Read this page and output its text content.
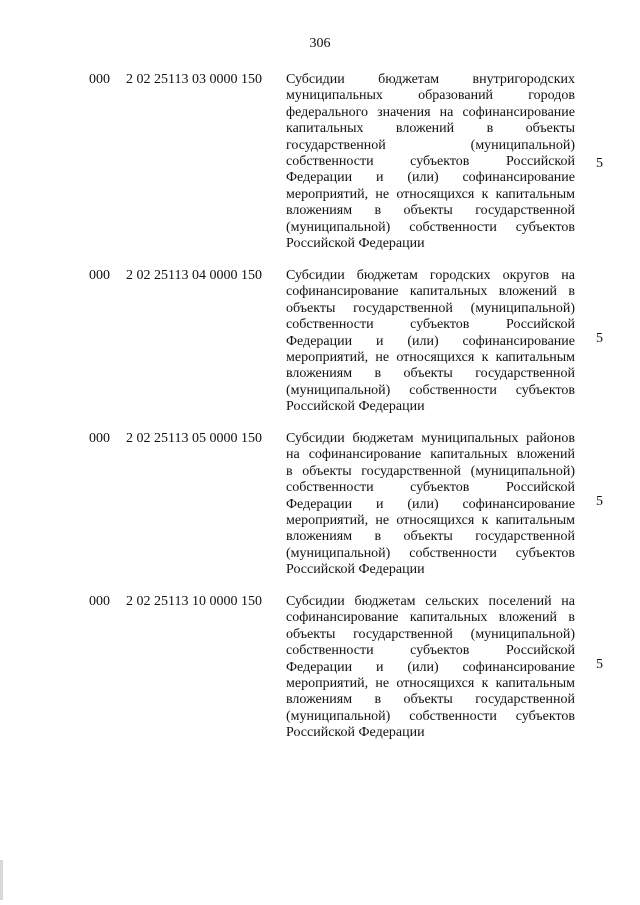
306
000 2 02 25113 03 0000 150 Субсидии бюджетам внутригородских
муниципальных образований городов
федерального значения на софинансирование
капитальных вложений в объекты
государственной (муниципальной)
собственности субъектов Российской
Федерации и (или) софинансирование
мероприятий, не относящихся к капитальным
вложениям в объекты государственной
(муниципальной) собственности субъектов
Российской Федерации
5
000 2 02 25113 04 0000 150 Субсидии бюджетам городских округов на
софинансирование капитальных вложений в
объекты государственной (муниципальной)
собственности субъектов Российской
Федерации и (или) софинансирование
мероприятий, не относящихся к капитальным
вложениям в объекты государственной
(муниципальной) собственности субъектов
Российской Федерации
5
000 2 02 25113 05 0000 150 Субсидии бюджетам муниципальных районов
на софинансирование капитальных вложений
в объекты государственной (муниципальной)
собственности субъектов Российской
Федерации и (или) софинансирование
мероприятий, не относящихся к капитальным
вложениям в объекты государственной
(муниципальной) собственности субъектов
Российской Федерации
5
000 2 02 25113 10 0000 150 Субсидии бюджетам сельских поселений на
софинансирование капитальных вложений в
объекты государственной (муниципальной)
собственности субъектов Российской
Федерации и (или) софинансирование
мероприятий, не относящихся к капитальным
вложениям в объекты государственной
(муниципальной) собственности субъектов
Российской Федерации
5
